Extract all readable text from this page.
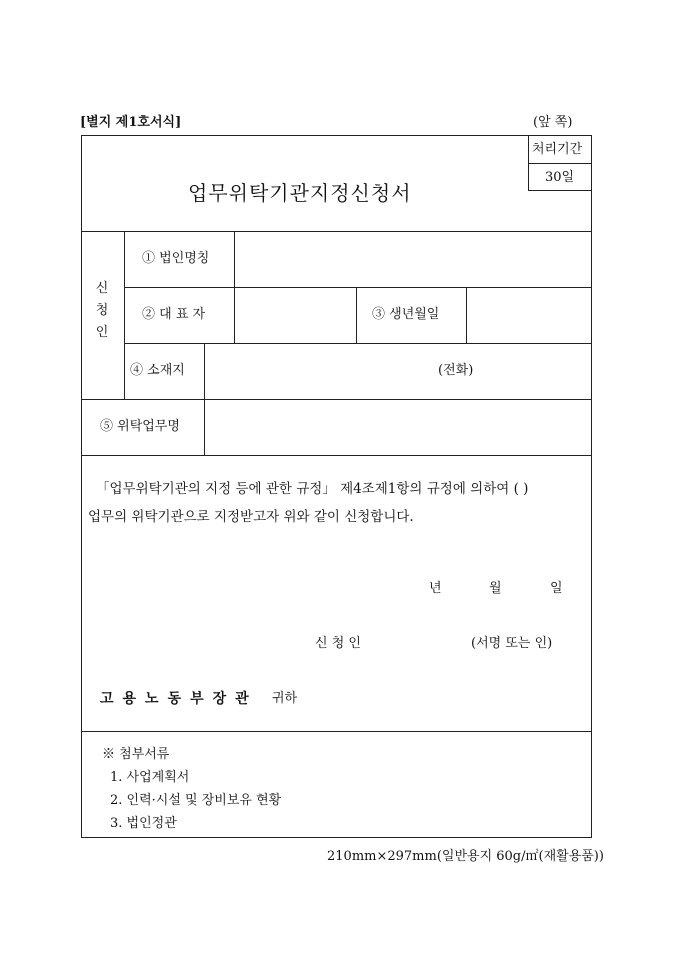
[별지 제1호서식]	(앞 쪽)
업무위탁기관지정신청서
처리기간
30일
신
청
인
① 법인명칭
② 대 표 자	③ 생년월일
④ 소재지	(전화)
⑤ 위탁업무명
「업무위탁기관의 지정 등에 관한 규정」 제4조제1항의 규정에 의하여 ( )
업무의 위탁기관으로 지정받고자 위와 같이 신청합니다.
년	월	일
신 청 인	(서명 또는 인)
고용노동부장관 귀하
※ 첨부서류
1. 사업계획서
2. 인력·시설 및 장비보유 현황
3. 법인정관
210mm×297mm(일반용지 60g/㎡(재활용품))
